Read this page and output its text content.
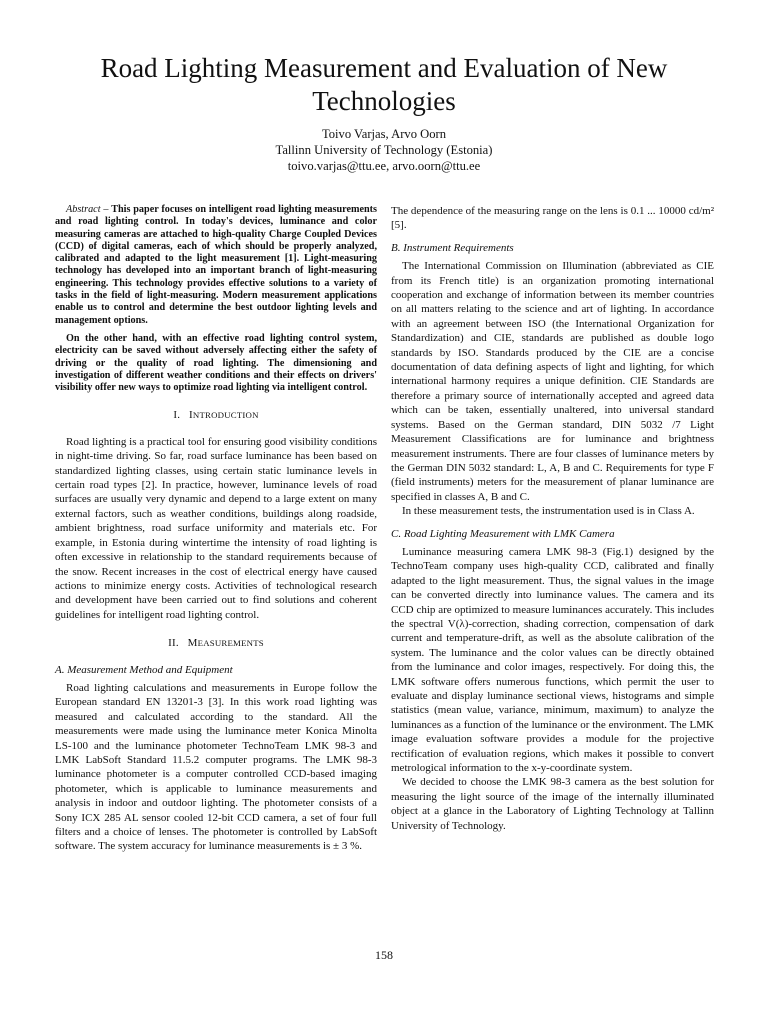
Road Lighting Measurement and Evaluation of New Technologies
Toivo Varjas, Arvo Oorn
Tallinn University of Technology (Estonia)
toivo.varjas@ttu.ee, arvo.oorn@ttu.ee

Abstract – This paper focuses on intelligent road lighting measurements and road lighting control. In today's devices, luminance and color measuring cameras are attached to high-quality Charge Coupled Devices (CCD) of digital cameras, each of which should be properly analyzed, calibrated and adapted to the light measurement [1]. Light-measuring technology has developed into an important branch of light-measuring engineering. This technology provides effective solutions to a variety of tasks in the field of light-measuring. Modern measurement applications enable us to control and determine the best outdoor lighting levels and management options.

On the other hand, with an effective road lighting control system, electricity can be saved without adversely affecting either the safety of driving or the quality of road lighting. The dimensioning and investigation of different weather conditions and their effects on drivers' visibility offer new ways to optimize road lighting via intelligent control.

I. INTRODUCTION

Road lighting is a practical tool for ensuring good visibility conditions in night-time driving. So far, road surface luminance has been based on standardized lighting classes, using certain static luminance levels in certain road types [2]. In practice, however, luminance levels of road surfaces are usually very dynamic and depend to a large extent on many external factors, such as weather conditions, buildings along roadside, ambient brightness, road surface uniformity and materials etc. For example, in Estonia during wintertime the intensity of road lighting is often excessive in relationship to the standard requirements because of the snow. Recent increases in the cost of electrical energy have caused actions to minimize energy costs. Activities of technological research and development have been carried out to find solutions and coherent guidelines for intelligent road lighting control.

II. MEASUREMENTS
A. Measurement Method and Equipment

Road lighting calculations and measurements in Europe follow the European standard EN 13201-3 [3]. In this work road lighting was measured and calculated according to the standard. All the measurements were made using the luminance meter Konica Minolta LS-100 and the luminance photometer TechnoTeam LMK 98-3 and LMK LabSoft Standard 11.5.2 computer programs. The LMK 98-3 luminance photometer is a computer controlled CCD-based imaging photometer, which is applicable to luminance measurements and analysis in indoor and outdoor lighting. The photometer consists of a Sony ICX 285 AL sensor cooled 12-bit CCD camera, a set of four full filters and a choice of lenses. The photometer is controlled by LabSoft software. The system accuracy for luminance measurements is ± 3 %.

The dependence of the measuring range on the lens is 0.1 ... 10000 cd/m² [5].

B. Instrument Requirements

The International Commission on Illumination (abbreviated as CIE from its French title) is an organization promoting international cooperation and exchange of information between its member countries on all matters relating to the science and art of lighting. In accordance with an agreement between ISO (the International Organization for Standardization) and CIE, standards are published as double logo standards by ISO. Standards produced by the CIE are a concise documentation of data defining aspects of light and lighting, for which international harmony requires a unique definition. CIE Standards are therefore a primary source of internationally accepted and agreed data which can be taken, essentially unaltered, into universal standard systems. Based on the German standard, DIN 5032 /7 Light Measurement Classifications are for luminance and brightness measurement instruments. There are four classes of luminance meters by the German DIN 5032 standard: L, A, B and C. Requirements for type F (field instruments) meters for the measurement of planar luminance are specified in classes A, B and C.

In these measurement tests, the instrumentation used is in Class A.

C. Road Lighting Measurement with LMK Camera

Luminance measuring camera LMK 98-3 (Fig.1) designed by the TechnoTeam company uses high-quality CCD, calibrated and finally adapted to the light measurement. Thus, the signal values in the image can be converted directly into luminance values. The camera and its CCD chip are optimized to measure luminances accurately. This includes the spectral V(λ)-correction, shading correction, compensation of dark current and temperature-drift, as well as the absolute calibration of the system. The luminance and the color values can be directly obtained from the luminance and color images, respectively. For doing this, the LMK software offers numerous functions, which permit the user to evaluate and display luminance sectional views, histograms and simple statistics (mean value, variance, minimum, maximum) to analyze the luminances as a function of the luminance or the environment. The LMK image evaluation software provides a module for the projective rectification of evaluation regions, which makes it possible to convert metrological information to the x-y-coordinate system.

We decided to choose the LMK 98-3 camera as the best solution for measuring the light source of the image of the internally illuminated object at a glance in the Laboratory of Lighting Technology at Tallinn University of Technology.

158
